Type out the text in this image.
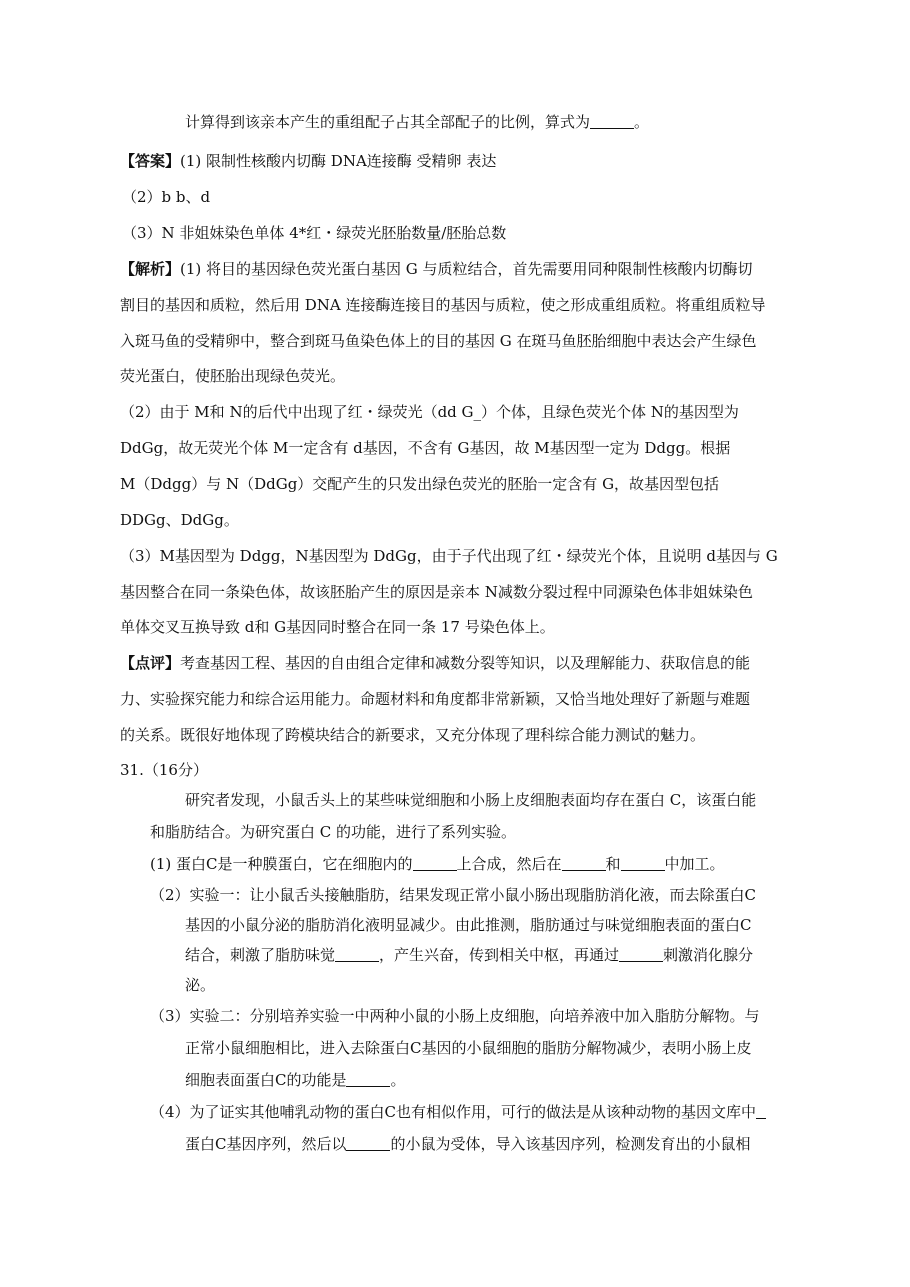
计算得到该亲本产生的重组配子占其全部配子的比例，算式为	。
【答案】(1) 限制性核酸内切酶 DNA连接酶 受精卵 表达
（2）b b、d
（3）N 非姐妹染色单体 4*红・绿荧光胚胎数量/胚胎总数
【解析】(1) 将目的基因绿色荧光蛋白基因 G 与质粒结合，首先需要用同种限制性核酸内切酶切
割目的基因和质粒，然后用 DNA 连接酶连接目的基因与质粒，使之形成重组质粒。将重组质粒导
入斑马鱼的受精卵中，整合到斑马鱼染色体上的目的基因 G 在斑马鱼胚胎细胞中表达会产生绿色
荧光蛋白，使胚胎出现绿色荧光。
（2）由于 M和 N的后代中出现了红・绿荧光（dd G_）个体，且绿色荧光个体 N的基因型为
DdGg，故无荧光个体 M一定含有 d基因，不含有 G基因，故 M基因型一定为 Ddgg。根据
M（Ddgg）与 N（DdGg）交配产生的只发出绿色荧光的胚胎一定含有 G，故基因型包括
DDGg、DdGg。
（3）M基因型为 Ddgg，N基因型为 DdGg，由于子代出现了红・绿荧光个体，且说明 d基因与 G
基因整合在同一条染色体，故该胚胎产生的原因是亲本 N减数分裂过程中同源染色体非姐妹染色
单体交叉互换导致 d和 G基因同时整合在同一条 17 号染色体上。
【点评】考查基因工程、基因的自由组合定律和减数分裂等知识，以及理解能力、获取信息的能
力、实验探究能力和综合运用能力。命题材料和角度都非常新颖，又恰当地处理好了新题与难题
的关系。既很好地体现了跨模块结合的新要求，又充分体现了理科综合能力测试的魅力。
31.（16分）
研究者发现，小鼠舌头上的某些味觉细胞和小肠上皮细胞表面均存在蛋白 C，该蛋白能
和脂肪结合。为研究蛋白 C 的功能，进行了系列实验。
(1) 蛋白C是一种膜蛋白，它在细胞内的	上合成，然后在	和	中加工。
（2）实验一：让小鼠舌头接触脂肪，结果发现正常小鼠小肠出现脂肪消化液，而去除蛋白C
基因的小鼠分泌的脂肪消化液明显减少。由此推测，脂肪通过与味觉细胞表面的蛋白C
结合，刺激了脂肪味觉	，产生兴奋，传到相关中枢，再通过	刺激消化腺分
泌。
（3）实验二：分别培养实验一中两种小鼠的小肠上皮细胞，向培养液中加入脂肪分解物。与
正常小鼠细胞相比，进入去除蛋白C基因的小鼠细胞的脂肪分解物减少，表明小肠上皮
细胞表面蛋白C的功能是	。
（4）为了证实其他哺乳动物的蛋白C也有相似作用，可行的做法是从该种动物的基因文库中
蛋白C基因序列，然后以	的小鼠为受体，导入该基因序列，检测发育出的小鼠相
